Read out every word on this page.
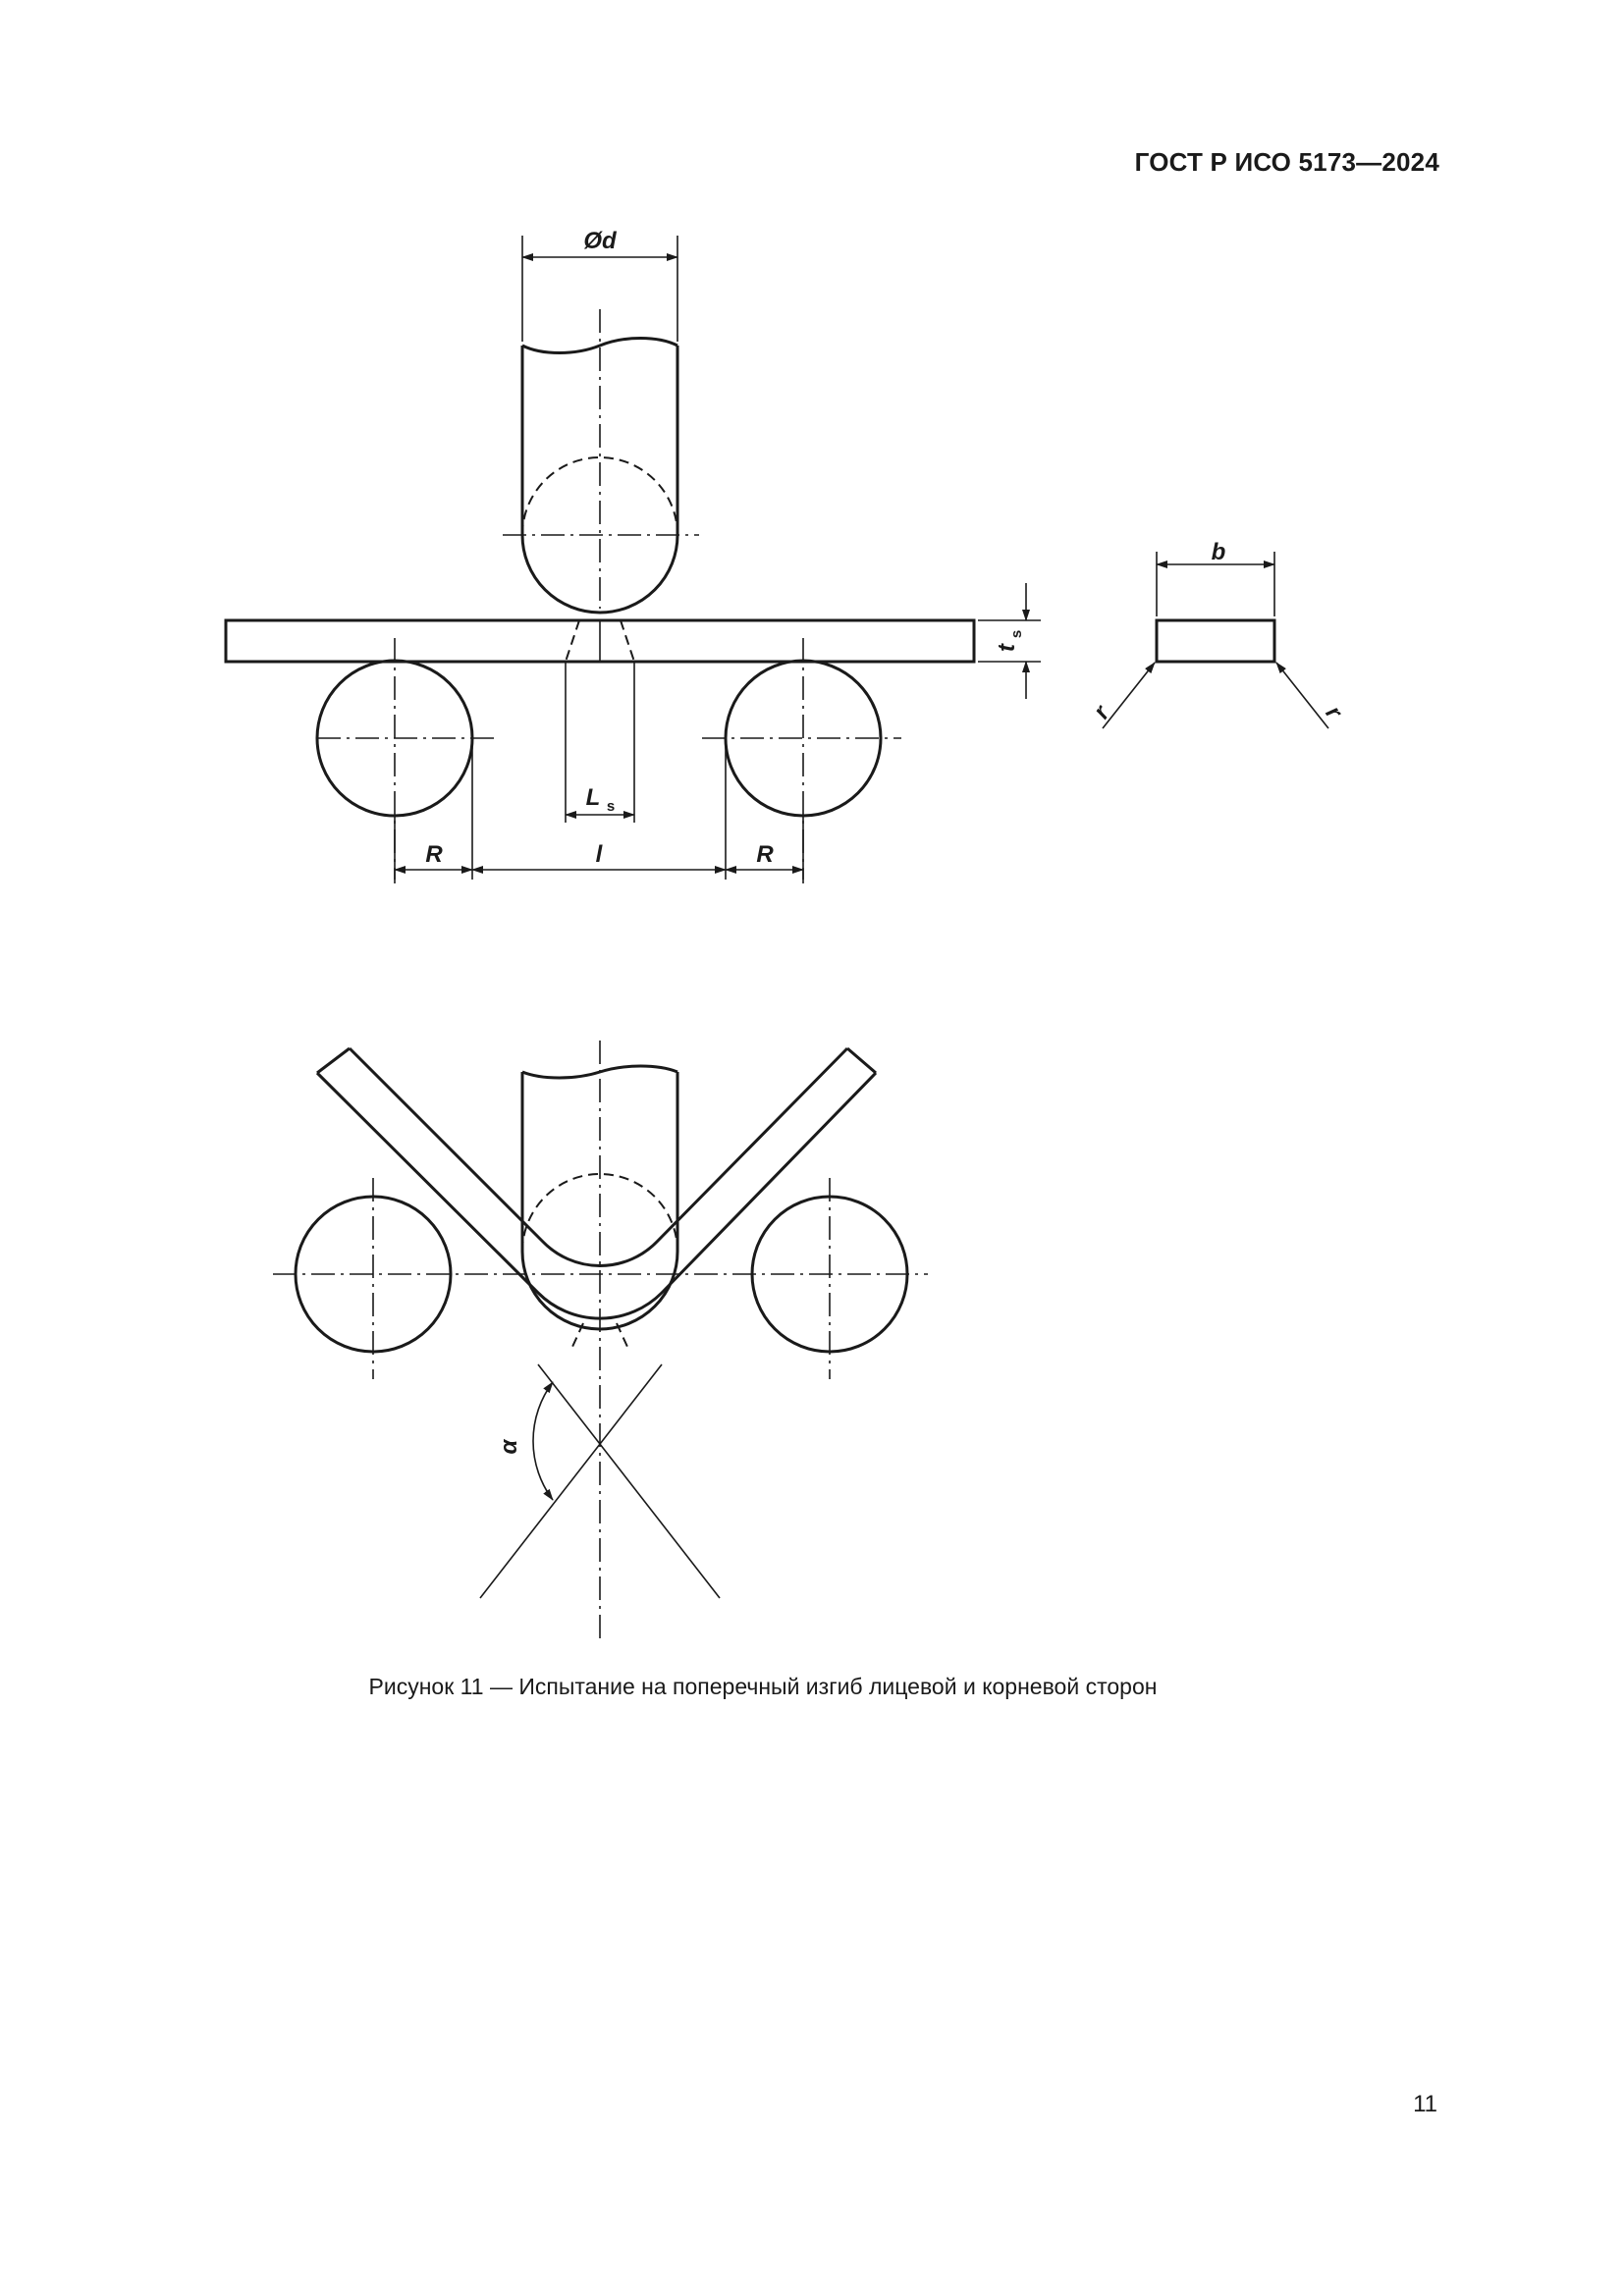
ГОСТ Р ИСО 5173—2024
Ød
t
s
L s
R	l	R
b
r	r
α
Рисунок 11 — Испытание на поперечный изгиб лицевой и корневой сторон
11
